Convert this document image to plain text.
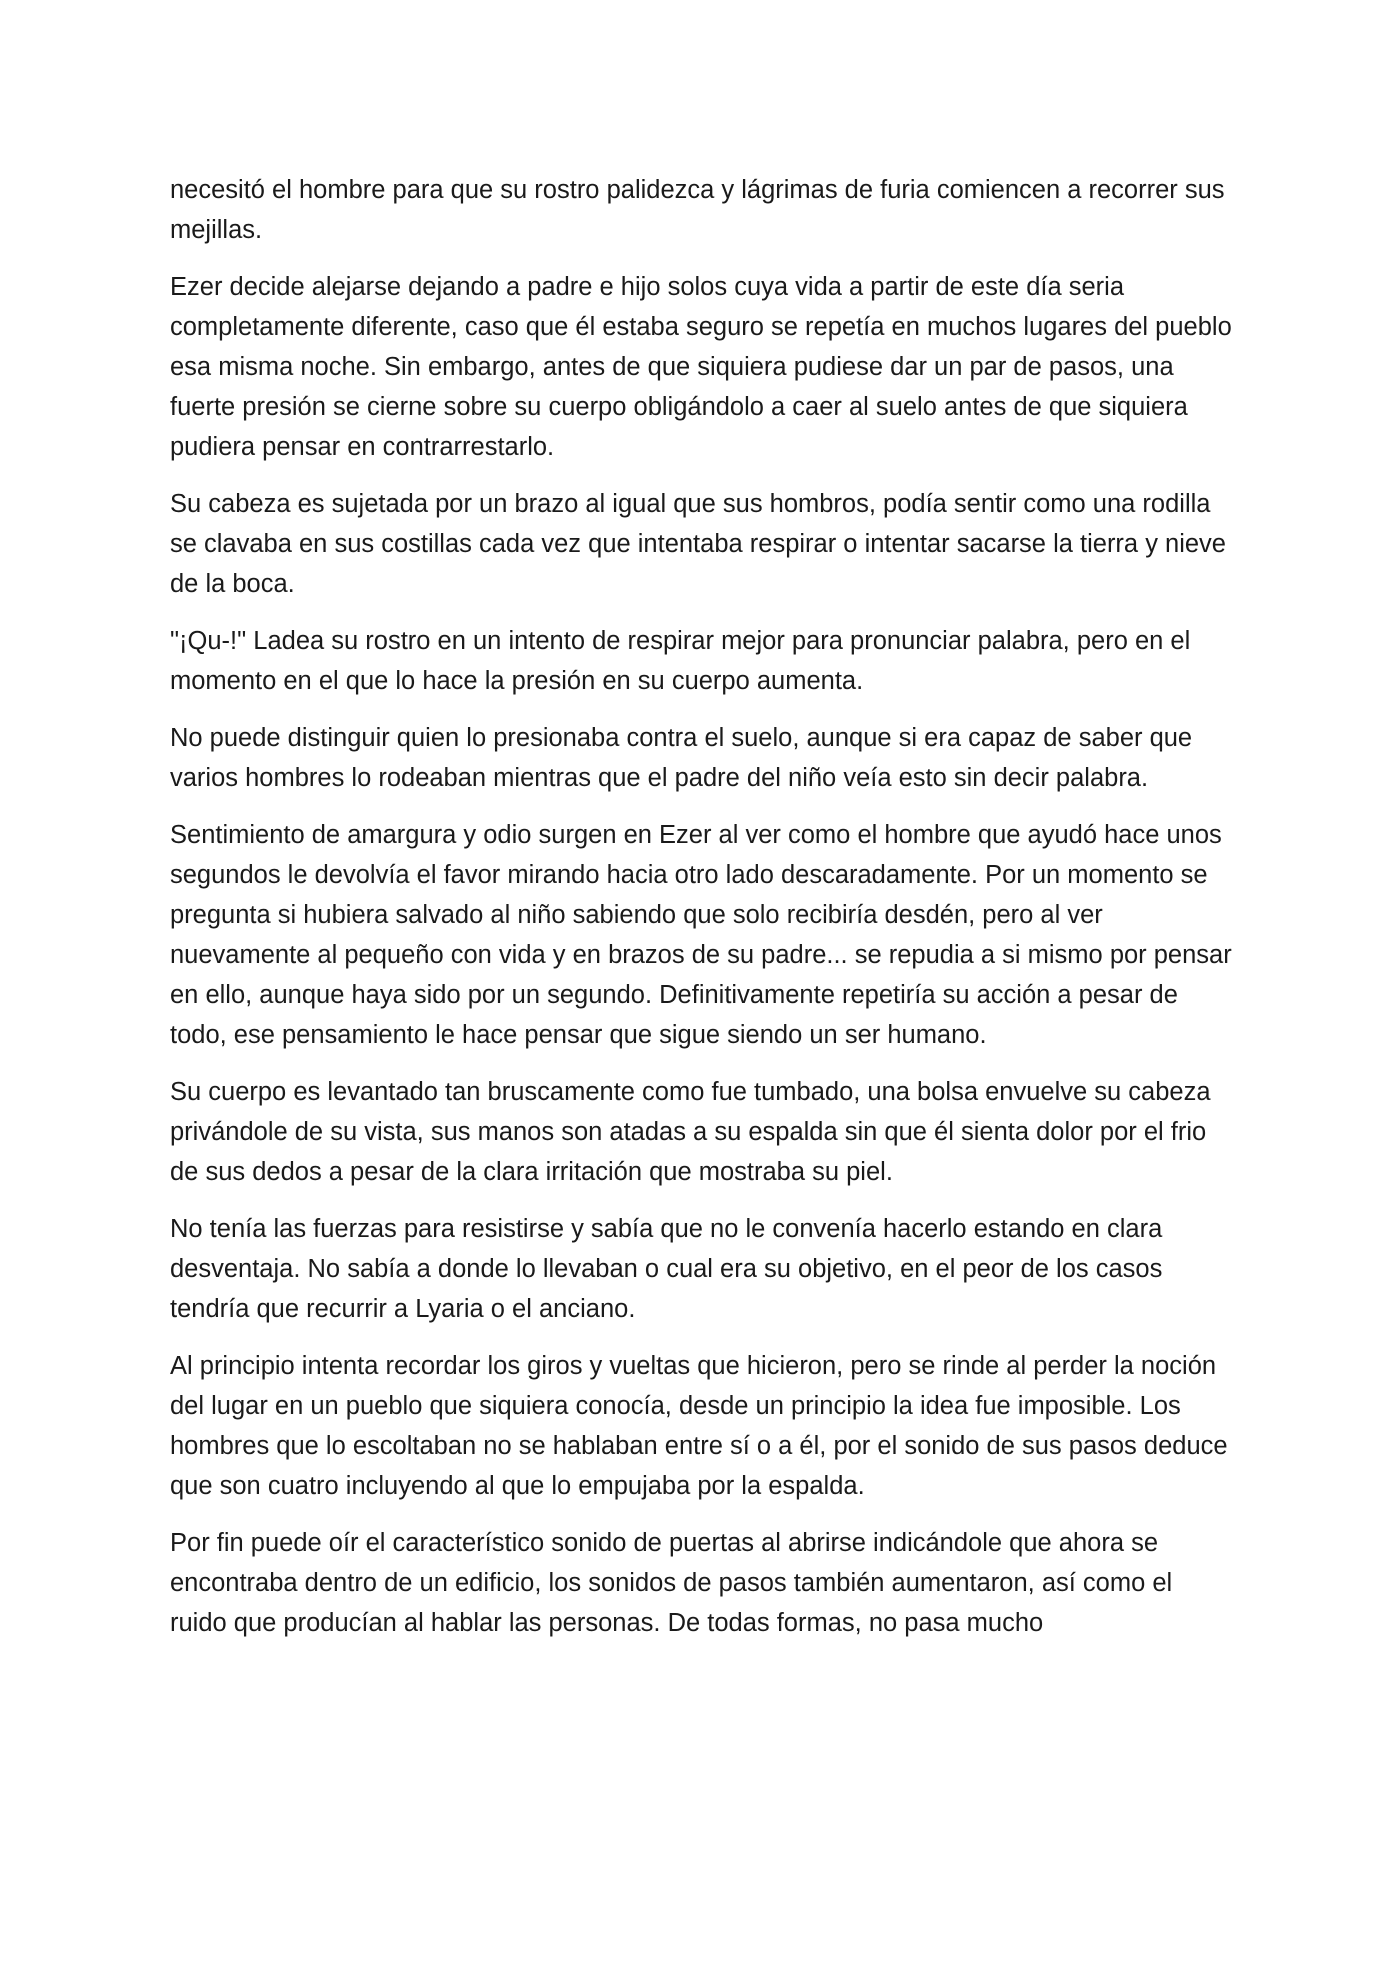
necesitó el hombre para que su rostro palidezca y lágrimas de furia comiencen a recorrer sus mejillas.

Ezer decide alejarse dejando a padre e hijo solos cuya vida a partir de este día seria completamente diferente, caso que él estaba seguro se repetía en muchos lugares del pueblo esa misma noche. Sin embargo, antes de que siquiera pudiese dar un par de pasos, una fuerte presión se cierne sobre su cuerpo obligándolo a caer al suelo antes de que siquiera pudiera pensar en contrarrestarlo.

Su cabeza es sujetada por un brazo al igual que sus hombros, podía sentir como una rodilla se clavaba en sus costillas cada vez que intentaba respirar o intentar sacarse la tierra y nieve de la boca.

"¡Qu-!" Ladea su rostro en un intento de respirar mejor para pronunciar palabra, pero en el momento en el que lo hace la presión en su cuerpo aumenta.

No puede distinguir quien lo presionaba contra el suelo, aunque si era capaz de saber que varios hombres lo rodeaban mientras que el padre del niño veía esto sin decir palabra.

Sentimiento de amargura y odio surgen en Ezer al ver como el hombre que ayudó hace unos segundos le devolvía el favor mirando hacia otro lado descaradamente. Por un momento se pregunta si hubiera salvado al niño sabiendo que solo recibiría desdén, pero al ver nuevamente al pequeño con vida y en brazos de su padre... se repudia a si mismo por pensar en ello, aunque haya sido por un segundo. Definitivamente repetiría su acción a pesar de todo, ese pensamiento le hace pensar que sigue siendo un ser humano.

Su cuerpo es levantado tan bruscamente como fue tumbado, una bolsa envuelve su cabeza privándole de su vista, sus manos son atadas a su espalda sin que él sienta dolor por el frio de sus dedos a pesar de la clara irritación que mostraba su piel.

No tenía las fuerzas para resistirse y sabía que no le convenía hacerlo estando en clara desventaja. No sabía a donde lo llevaban o cual era su objetivo, en el peor de los casos tendría que recurrir a Lyaria o el anciano.

Al principio intenta recordar los giros y vueltas que hicieron, pero se rinde al perder la noción del lugar en un pueblo que siquiera conocía, desde un principio la idea fue imposible. Los hombres que lo escoltaban no se hablaban entre sí o a él, por el sonido de sus pasos deduce que son cuatro incluyendo al que lo empujaba por la espalda.

Por fin puede oír el característico sonido de puertas al abrirse indicándole que ahora se encontraba dentro de un edificio, los sonidos de pasos también aumentaron, así como el ruido que producían al hablar las personas. De todas formas, no pasa mucho
